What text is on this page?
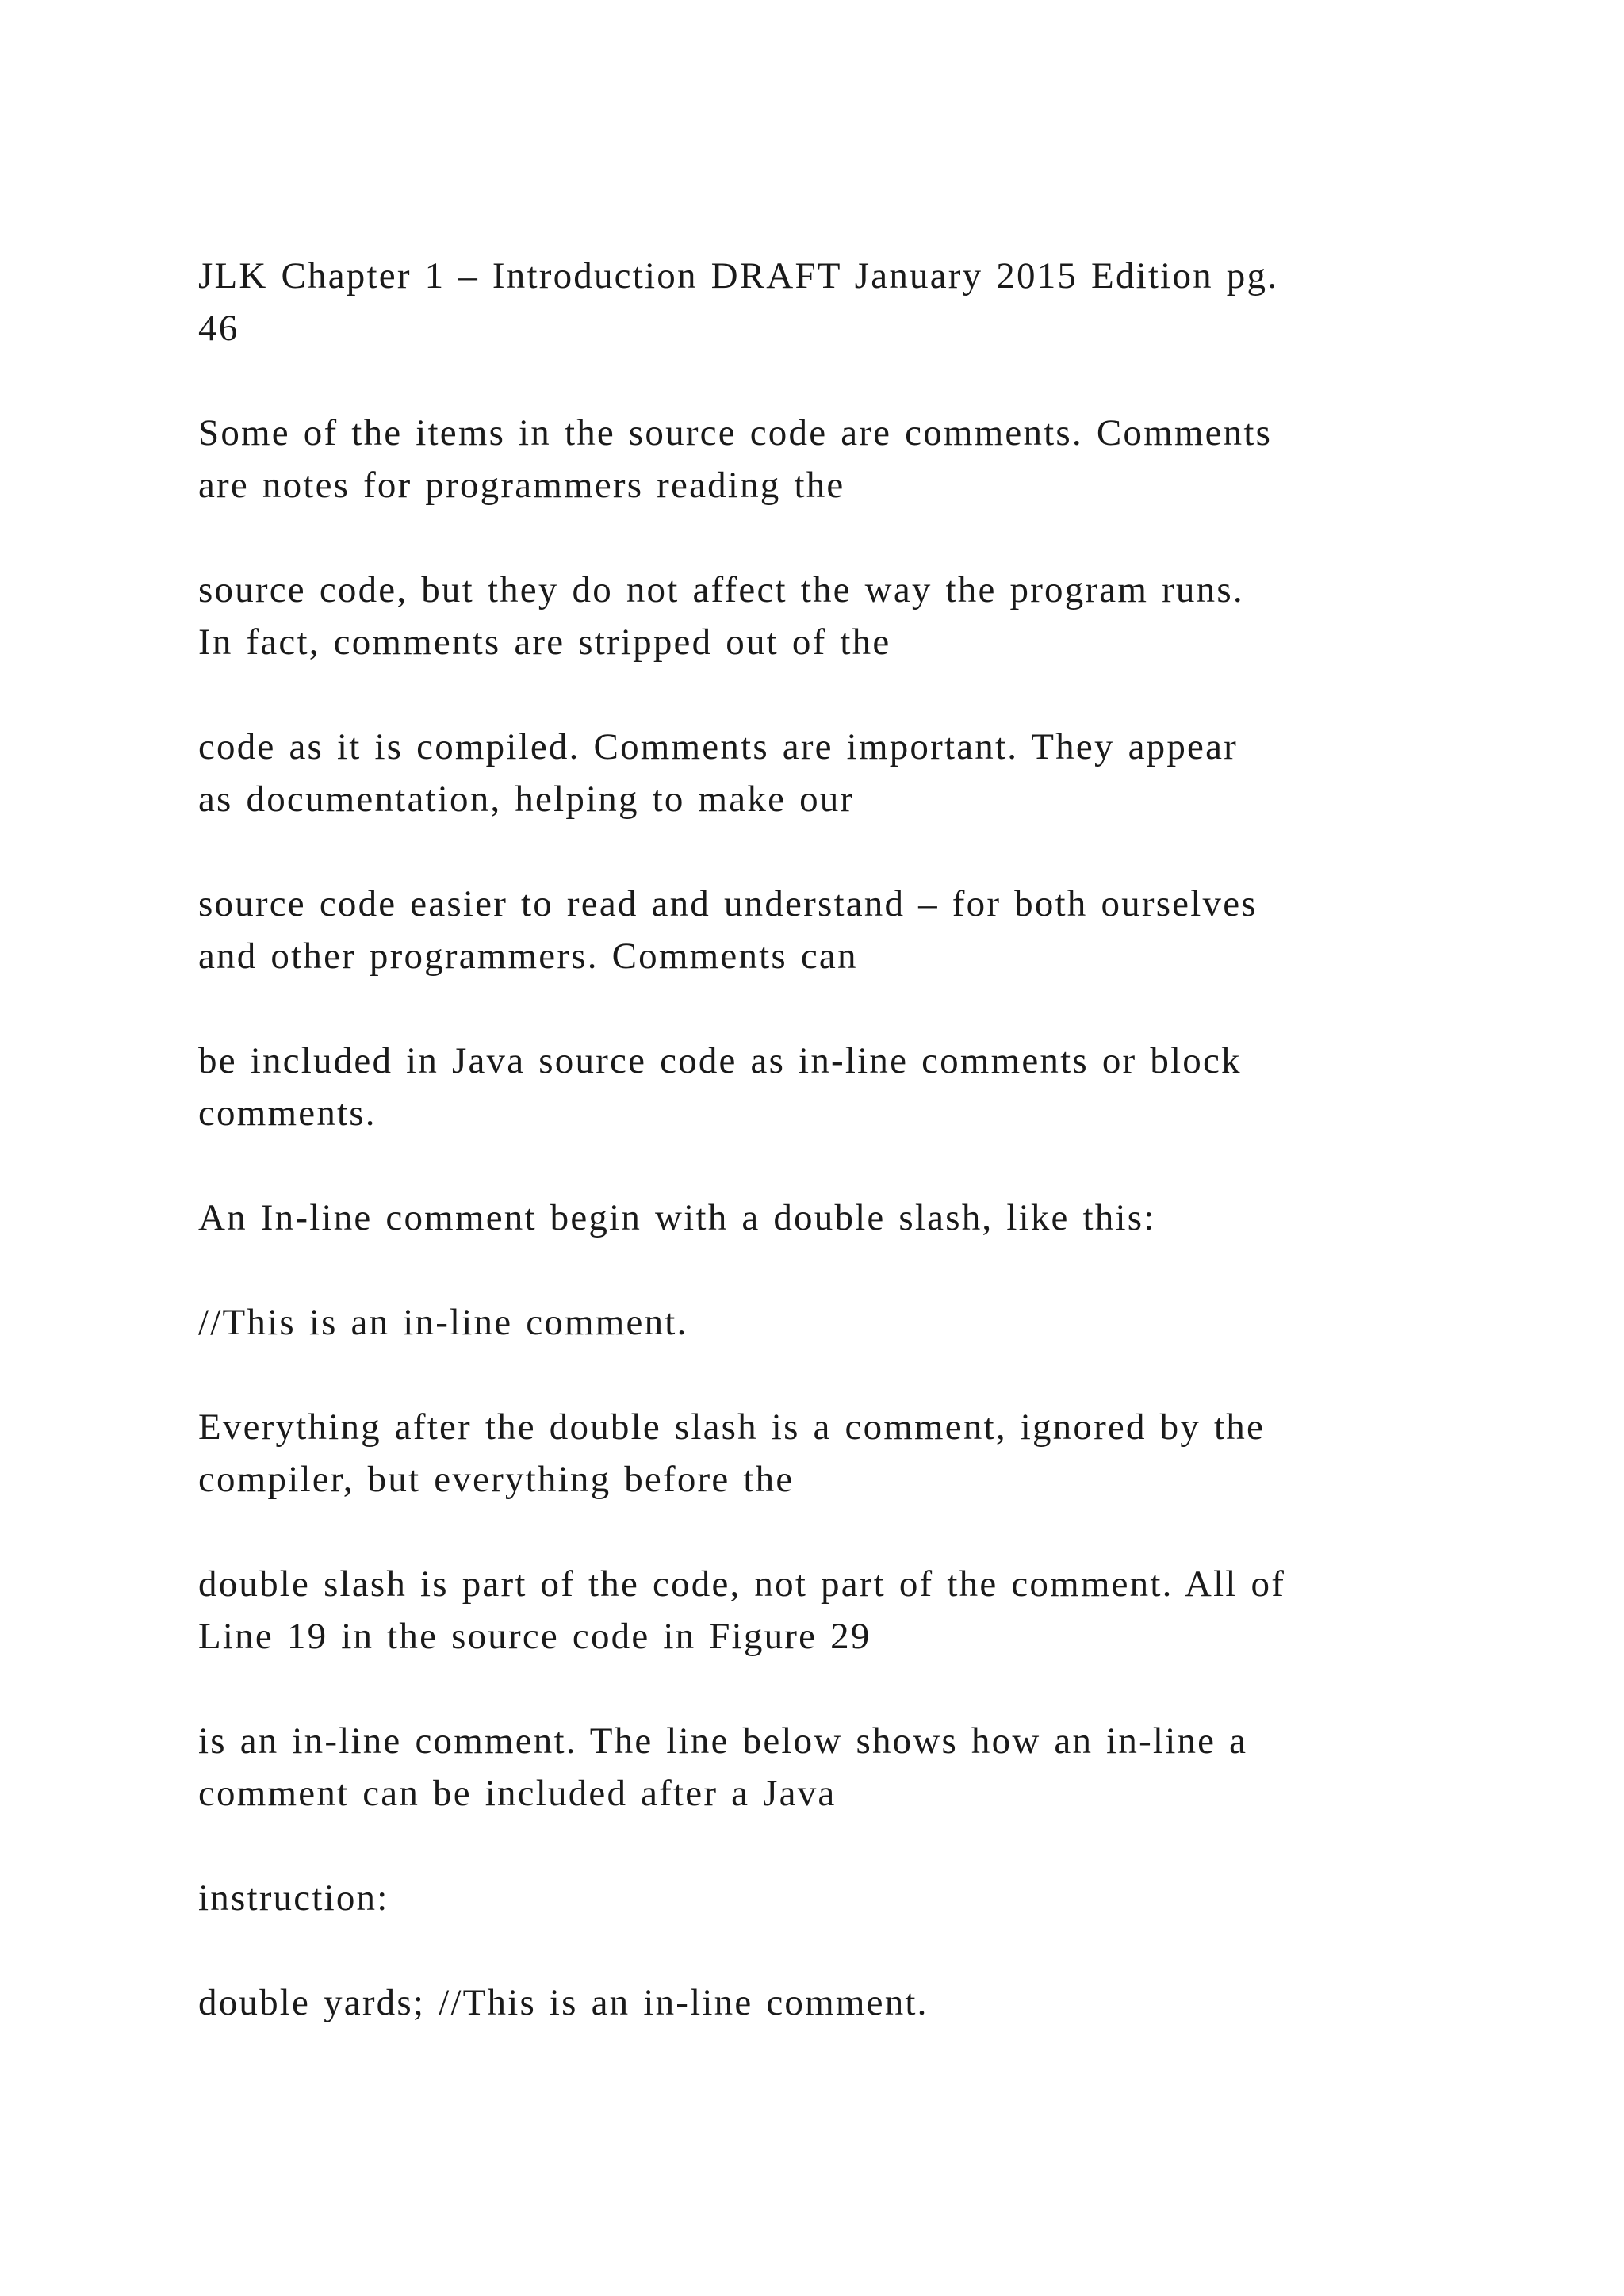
JLK Chapter 1 – Introduction DRAFT January 2015 Edition pg.
46
Some of the items in the source code are comments. Comments
are notes for programmers reading the
source code, but they do not affect the way the program runs.
In fact, comments are stripped out of the
code as it is compiled. Comments are important. They appear
as documentation, helping to make our
source code easier to read and understand – for both ourselves
and other programmers. Comments can
be included in Java source code as in-line comments or block
comments.
An In-line comment begin with a double slash, like this:
//This is an in-line comment.
Everything after the double slash is a comment, ignored by the
compiler, but everything before the
double slash is part of the code, not part of the comment. All of
Line 19 in the source code in Figure 29
is an in-line comment. The line below shows how an in-line a
comment can be included after a Java
instruction:
double yards; //This is an in-line comment.
